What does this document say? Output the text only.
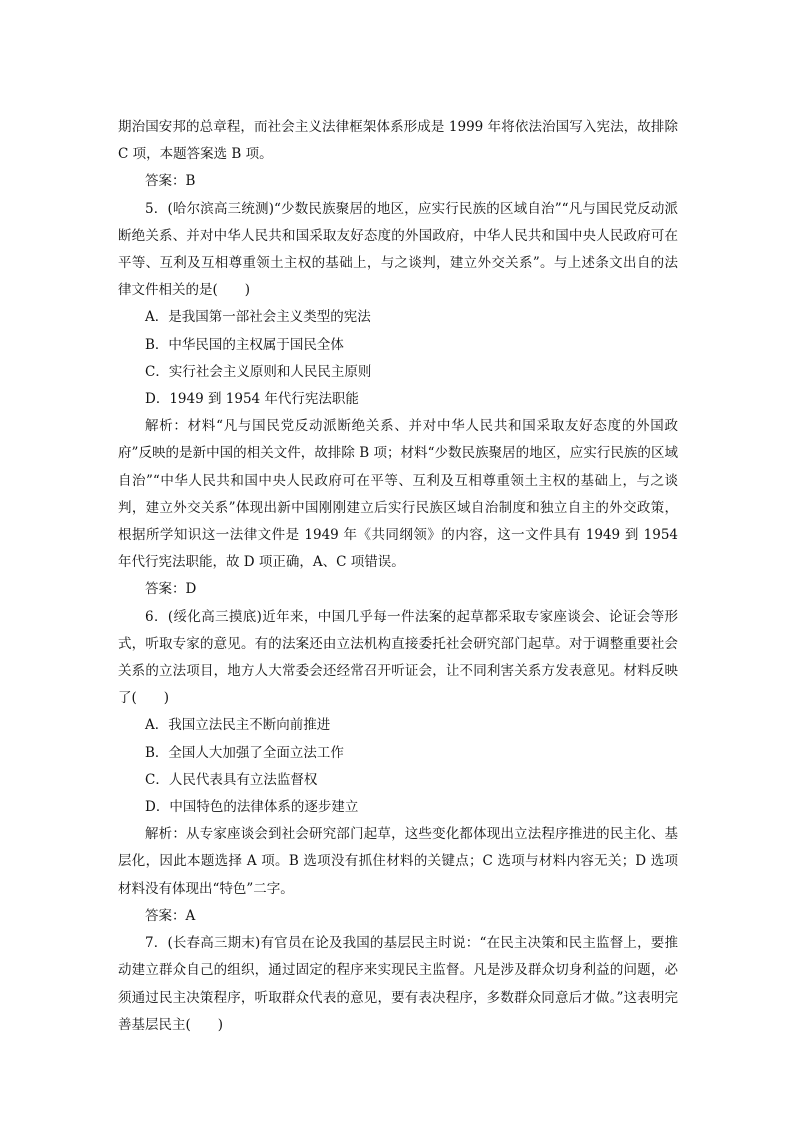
期治国安邦的总章程，而社会主义法律框架体系形成是 1999 年将依法治国写入宪法，故排除 C 项，本题答案选 B 项。

答案：B

5．(哈尔滨高三统测)“少数民族聚居的地区，应实行民族的区域自治”“凡与国民党反动派断绝关系、并对中华人民共和国采取友好态度的外国政府，中华人民共和国中央人民政府可在平等、互利及互相尊重领土主权的基础上，与之谈判，建立外交关系”。与上述条文出自的法律文件相关的是(　　)

A．是我国第一部社会主义类型的宪法

B．中华民国的主权属于国民全体

C．实行社会主义原则和人民民主原则

D．1949 到 1954 年代行宪法职能

解析：材料“凡与国民党反动派断绝关系、并对中华人民共和国采取友好态度的外国政府”反映的是新中国的相关文件，故排除 B 项；材料“少数民族聚居的地区，应实行民族的区域自治”“中华人民共和国中央人民政府可在平等、互利及互相尊重领土主权的基础上，与之谈判，建立外交关系”体现出新中国刚刚建立后实行民族区域自治制度和独立自主的外交政策，根据所学知识这一法律文件是 1949 年《共同纲领》的内容，这一文件具有 1949 到 1954 年代行宪法职能，故 D 项正确，A、C 项错误。

答案：D

6．(绥化高三摸底)近年来，中国几乎每一件法案的起草都采取专家座谈会、论证会等形式，听取专家的意见。有的法案还由立法机构直接委托社会研究部门起草。对于调整重要社会关系的立法项目，地方人大常委会还经常召开听证会，让不同利害关系方发表意见。材料反映了(　　)

A．我国立法民主不断向前推进

B．全国人大加强了全面立法工作

C．人民代表具有立法监督权

D．中国特色的法律体系的逐步建立

解析：从专家座谈会到社会研究部门起草，这些变化都体现出立法程序推进的民主化、基层化，因此本题选择 A 项。B 选项没有抓住材料的关键点；C 选项与材料内容无关；D 选项材料没有体现出“特色”二字。

答案：A

7．(长春高三期末)有官员在论及我国的基层民主时说：“在民主决策和民主监督上，要推动建立群众自己的组织，通过固定的程序来实现民主监督。凡是涉及群众切身利益的问题，必须通过民主决策程序，听取群众代表的意见，要有表决程序，多数群众同意后才做。”这表明完善基层民主(　　)
